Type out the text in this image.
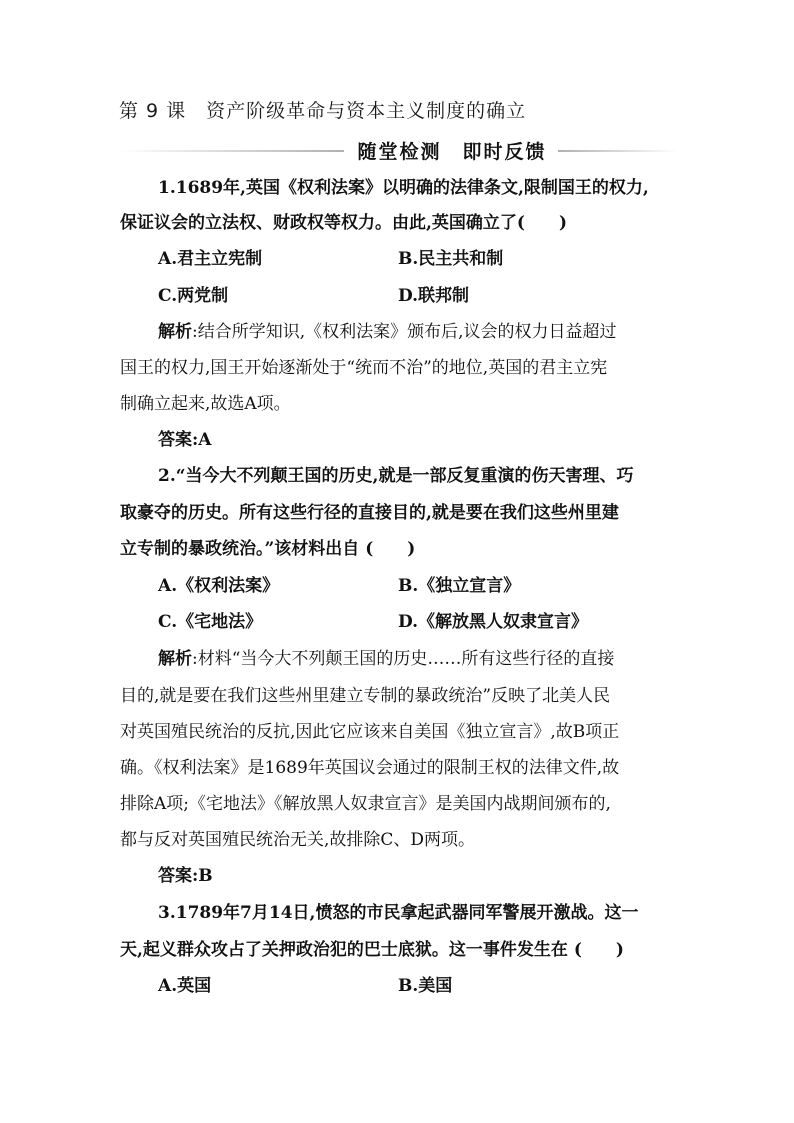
第 9 课　资产阶级革命与资本主义制度的确立
随堂检测　即时反馈
1.1689年,英国《权利法案》以明确的法律条文,限制国王的权力,
保证议会的立法权、财政权等权力。由此,英国确立了( )
A.君主立宪制	B.民主共和制
C.两党制	D.联邦制
解析:结合所学知识,《权利法案》颁布后,议会的权力日益超过
国王的权力,国王开始逐渐处于“统而不治”的地位,英国的君主立宪
制确立起来,故选A项。
答案:A
2.“当今大不列颠王国的历史,就是一部反复重演的伤天害理、巧
取豪夺的历史。所有这些行径的直接目的,就是要在我们这些州里建
立专制的暴政统治。”该材料出自 ( )
A.《权利法案》	B.《独立宣言》
C.《宅地法》	D.《解放黑人奴隶宣言》
解析:材料“当今大不列颠王国的历史……所有这些行径的直接
目的,就是要在我们这些州里建立专制的暴政统治”反映了北美人民
对英国殖民统治的反抗,因此它应该来自美国《独立宣言》,故B项正
确。《权利法案》是1689年英国议会通过的限制王权的法律文件,故
排除A项;《宅地法》《解放黑人奴隶宣言》是美国内战期间颁布的,
都与反对英国殖民统治无关,故排除C、D两项。
答案:B
3.1789年7月14日,愤怒的市民拿起武器同军警展开激战。这一
天,起义群众攻占了关押政治犯的巴士底狱。这一事件发生在 ( )
A.英国	B.美国
